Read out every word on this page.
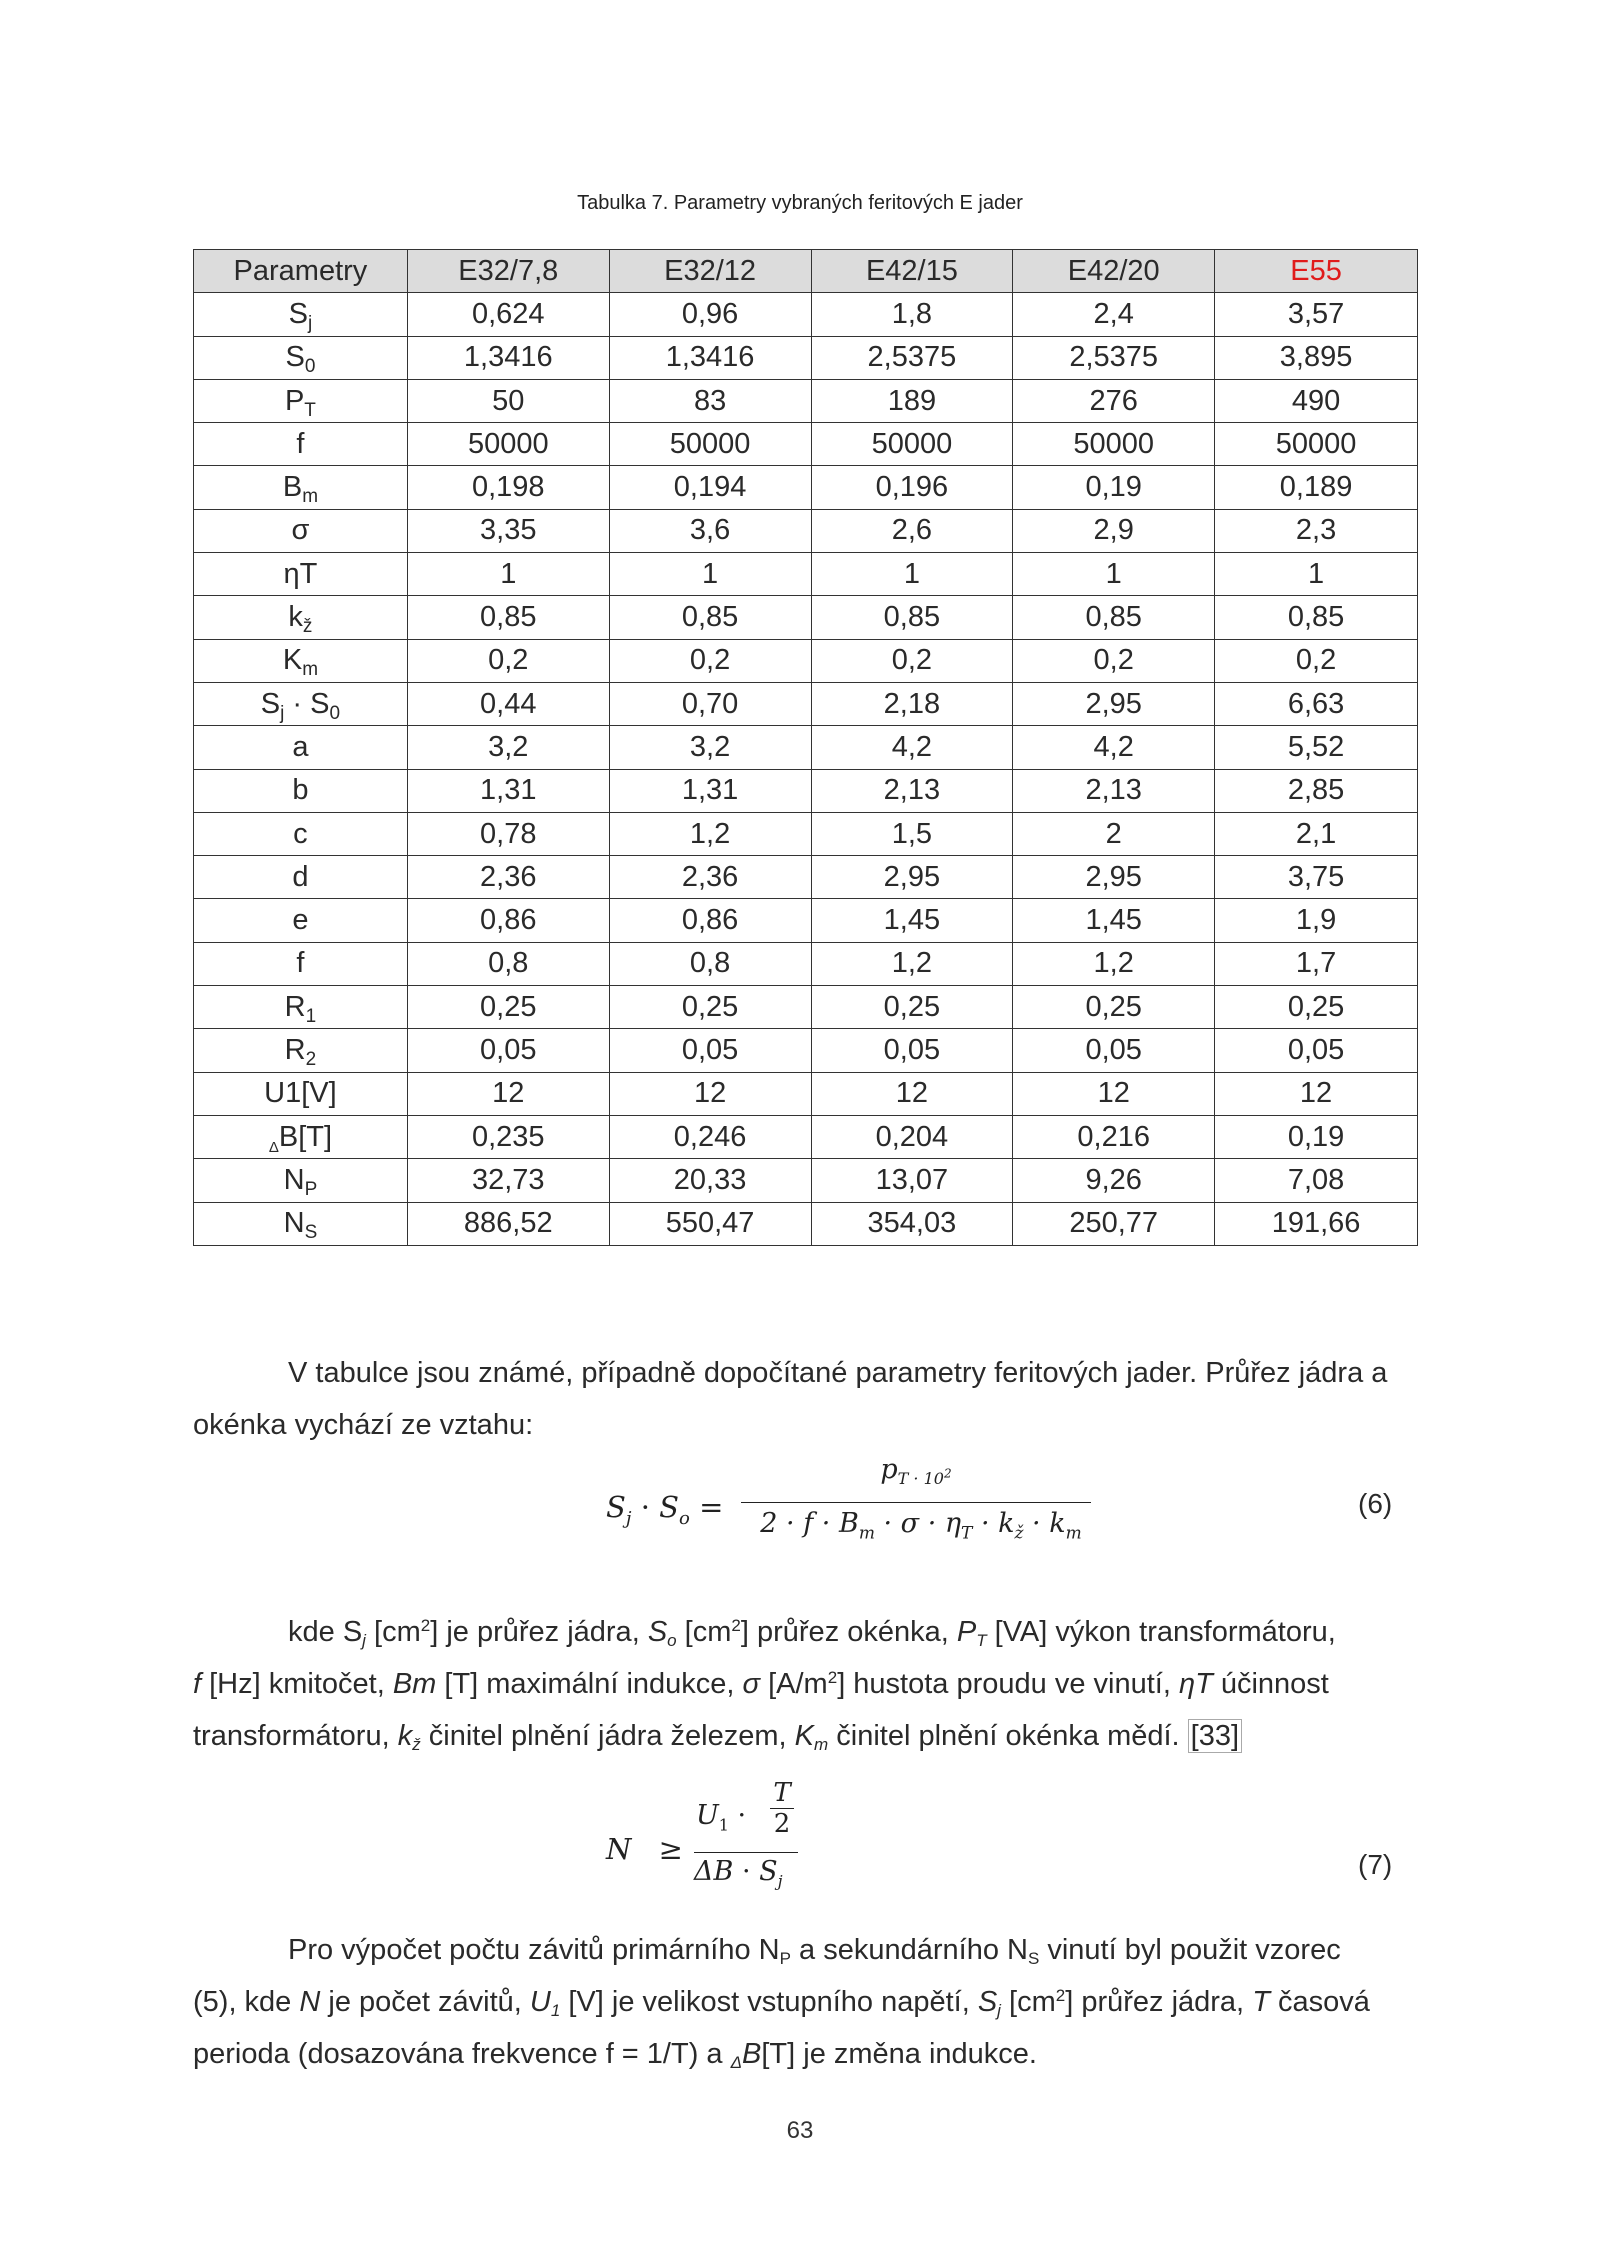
Tabulka 7. Parametry vybraných feritových E jader
Parametry	E32/7,8	E32/12	E42/15	E42/20	E55
$S_j$	0,624	0,96	1,8	2,4	3,57
$S_0$	1,3416	1,3416	2,5375	2,5375	3,895
$P_T$	50	83	189	276	490
f	50000	50000	50000	50000	50000
$B_m$	0,198	0,194	0,196	0,19	0,189
σ	3,35	3,6	2,6	2,9	2,3
ηT	1	1	1	1	1
$k_ž$	0,85	0,85	0,85	0,85	0,85
$K_m$	0,2	0,2	0,2	0,2	0,2
$S_j \cdot S_0$	0,44	0,70	2,18	2,95	6,63
a	3,2	3,2	4,2	4,2	5,52
b	1,31	1,31	2,13	2,13	2,85
c	0,78	1,2	1,5	2	2,1
d	2,36	2,36	2,95	2,95	3,75
e	0,86	0,86	1,45	1,45	1,9
f	0,8	0,8	1,2	1,2	1,7
$R_1$	0,25	0,25	0,25	0,25	0,25
$R_2$	0,05	0,05	0,05	0,05	0,05
U1[V]	12	12	12	12	12
$_\Delta$B[T]	0,235	0,246	0,204	0,216	0,19
$N_P$	32,73	20,33	13,07	9,26	7,08
$N_S$	886,52	550,47	354,03	250,77	191,66
V tabulce jsou známé, případně dopočítané parametry feritových jader. Průřez jádra a
okénka vychází ze vztahu:
$S_j \cdot S_o$ =
$p_{T \cdot 10^2}$
$2 \cdot f \cdot B_m \cdot \sigma \cdot \eta_T \cdot k_ž \cdot k_m$
(6)
kde $S_j$ $[cm^2]$ je průřez jádra, $S_o$ $[cm^2]$ průřez okénka, $P_T$ [VA] výkon transformátoru,
f [Hz] kmitočet, Bm [T] maximální indukce, σ $[A/m^2]$ hustota proudu ve vinutí, ηT účinnost
transformátoru, $k_ž$ činitel plnění jádra železem, $K_m$ činitel plnění okénka mědí. [33]
N ≥
$U_1$ ·
T
2
$\Delta B \cdot S_j$
(7)
Pro výpočet počtu závitů primárního $N_P$ a sekundárního $N_S$ vinutí byl použit vzorec
(5), kde N je počet závitů, $U_1$ [V] je velikost vstupního napětí, $S_j$ $[cm^2]$ průřez jádra, T časová
perioda (dosazována frekvence f = 1/T) a $_\Delta$B[T] je změna indukce.
63
